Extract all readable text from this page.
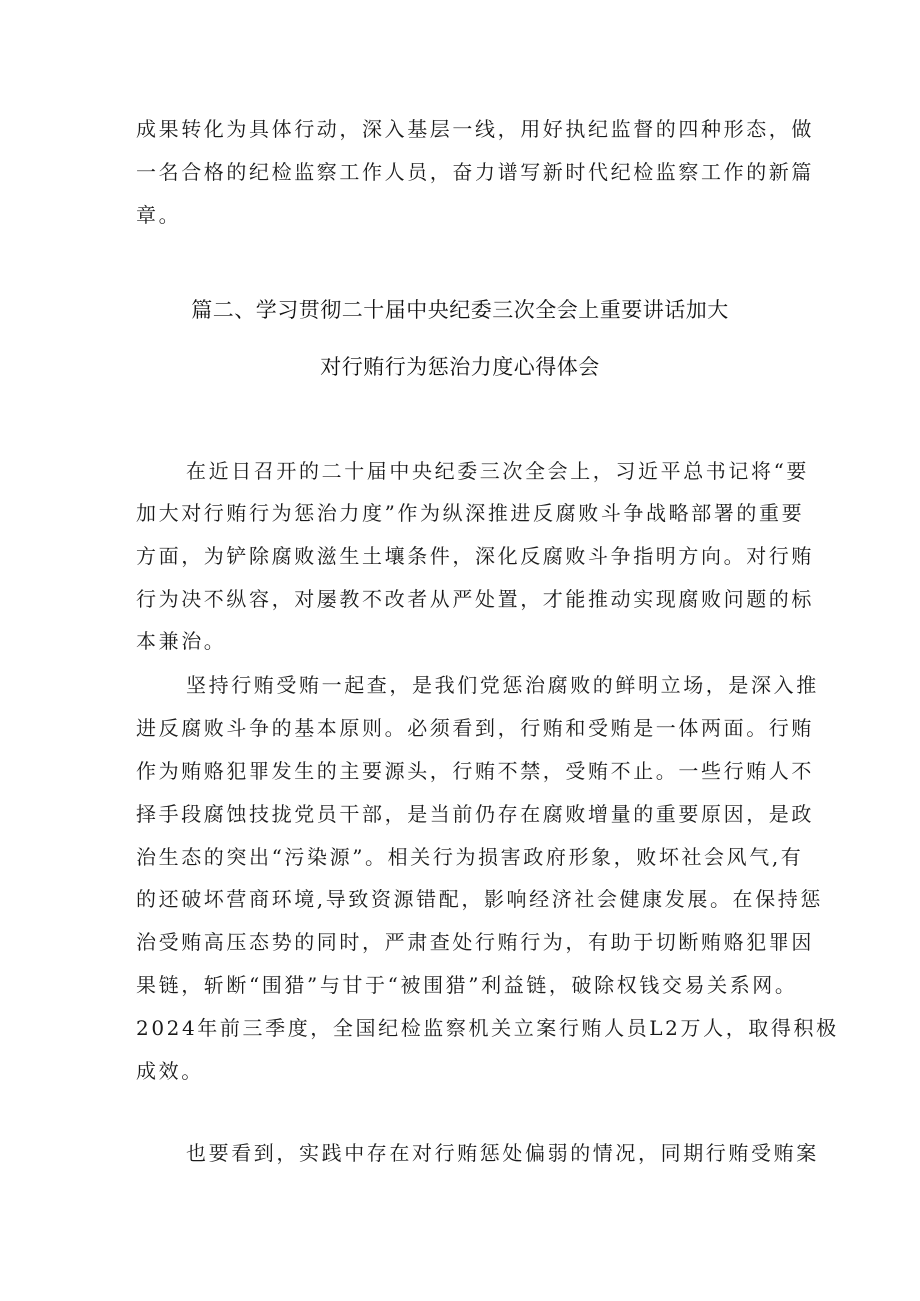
成果转化为具体行动，深入基层一线，用好执纪监督的四种形态，做
一名合格的纪检监察工作人员，奋力谱写新时代纪检监察工作的新篇
章。
篇二、学习贯彻二十届中央纪委三次全会上重要讲话加大
对行贿行为惩治力度心得体会
在近日召开的二十届中央纪委三次全会上，习近平总书记将“要
加大对行贿行为惩治力度”作为纵深推进反腐败斗争战略部署的重要
方面，为铲除腐败滋生土壤条件，深化反腐败斗争指明方向。对行贿
行为决不纵容，对屡教不改者从严处置，才能推动实现腐败问题的标
本兼治。
坚持行贿受贿一起查，是我们党惩治腐败的鲜明立场，是深入推
进反腐败斗争的基本原则。必须看到，行贿和受贿是一体两面。行贿
作为贿赂犯罪发生的主要源头，行贿不禁，受贿不止。一些行贿人不
择手段腐蚀技拢党员干部，是当前仍存在腐败增量的重要原因，是政
治生态的突出“污染源”。相关行为损害政府形象，败坏社会风气,有
的还破坏营商环境,导致资源错配，影响经济社会健康发展。在保持惩
治受贿高压态势的同时，严肃查处行贿行为，有助于切断贿赂犯罪因
果链，斩断“围猎”与甘于“被围猎”利益链，破除权钱交易关系网。
2024年前三季度，全国纪检监察机关立案行贿人员L2万人，取得积极
成效。
也要看到，实践中存在对行贿惩处偏弱的情况，同期行贿受贿案
